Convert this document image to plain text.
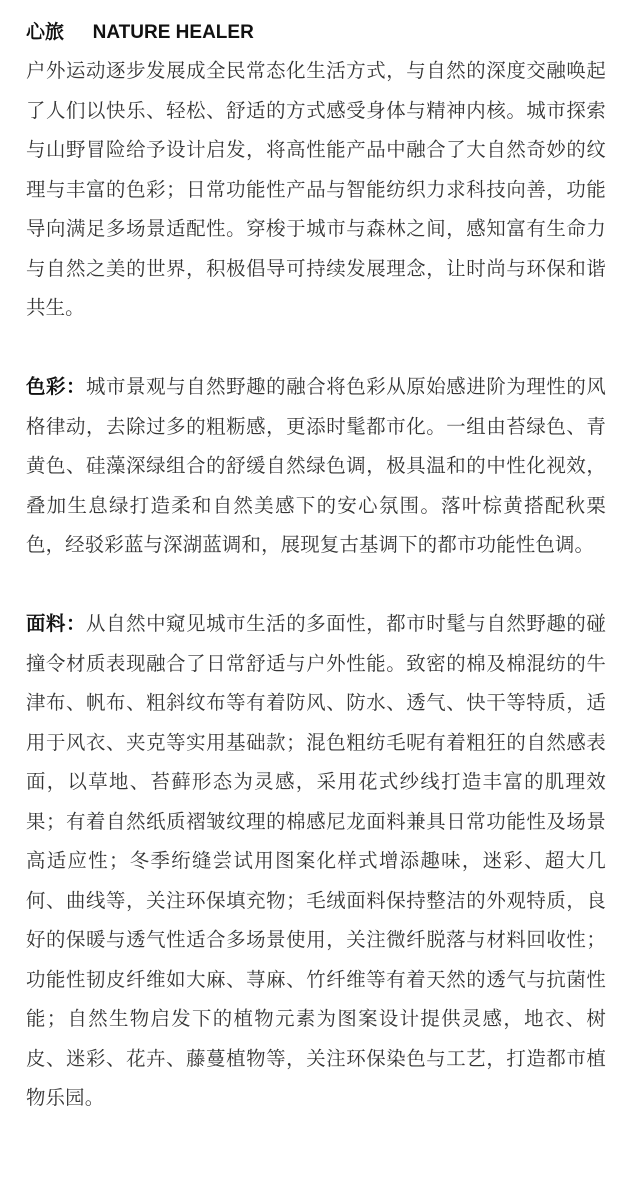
心旅 NATURE HEALER

户外运动逐步发展成全民常态化生活方式，与自然的深度交融唤起了人们以快乐、轻松、舒适的方式感受身体与精神内核。城市探索与山野冒险给予设计启发，将高性能产品中融合了大自然奇妙的纹理与丰富的色彩；日常功能性产品与智能纺织力求科技向善，功能导向满足多场景适配性。穿梭于城市与森林之间，感知富有生命力与自然之美的世界，积极倡导可持续发展理念，让时尚与环保和谐共生。

色彩：城市景观与自然野趣的融合将色彩从原始感进阶为理性的风格律动，去除过多的粗粝感，更添时髦都市化。一组由苔绿色、青黄色、硅藻深绿组合的舒缓自然绿色调，极具温和的中性化视效，叠加生息绿打造柔和自然美感下的安心氛围。落叶棕黄搭配秋栗色，经驳彩蓝与深湖蓝调和，展现复古基调下的都市功能性色调。

面料：从自然中窥见城市生活的多面性，都市时髦与自然野趣的碰撞令材质表现融合了日常舒适与户外性能。致密的棉及棉混纺的牛津布、帆布、粗斜纹布等有着防风、防水、透气、快干等特质，适用于风衣、夹克等实用基础款；混色粗纺毛呢有着粗狂的自然感表面，以草地、苔藓形态为灵感，采用花式纱线打造丰富的肌理效果；有着自然纸质褶皱纹理的棉感尼龙面料兼具日常功能性及场景高适应性；冬季绗缝尝试用图案化样式增添趣味，迷彩、超大几何、曲线等，关注环保填充物；毛绒面料保持整洁的外观特质，良好的保暖与透气性适合多场景使用，关注微纤脱落与材料回收性；功能性韧皮纤维如大麻、荨麻、竹纤维等有着天然的透气与抗菌性能；自然生物启发下的植物元素为图案设计提供灵感，地衣、树皮、迷彩、花卉、藤蔓植物等，关注环保染色与工艺，打造都市植物乐园。
